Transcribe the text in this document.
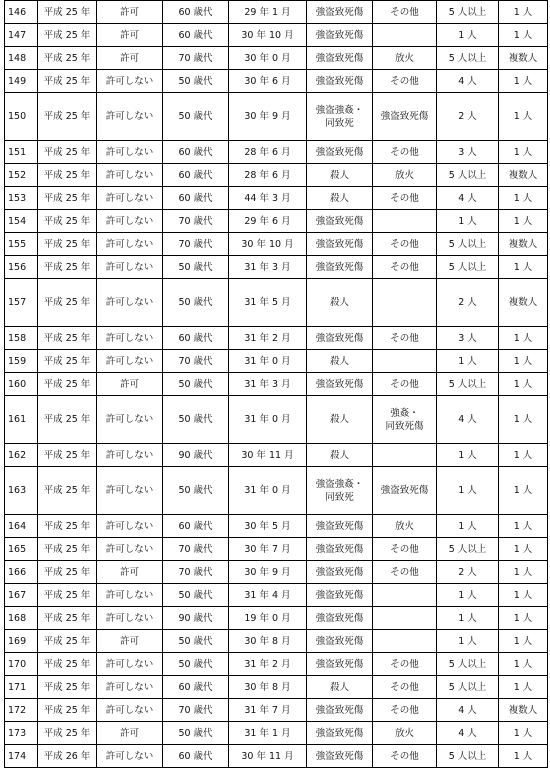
146	平成 25 年	許可	60 歳代	29 年 1 月	強盗致死傷	その他	5 人以上	1 人
147	平成 25 年	許可	60 歳代	30 年 10 月	強盗致死傷		1 人	1 人
148	平成 25 年	許可	70 歳代	30 年 0 月	強盗致死傷	放火	5 人以上	複数人
149	平成 25 年	許可しない	50 歳代	30 年 6 月	強盗致死傷	その他	4 人	1 人
150	平成 25 年	許可しない	50 歳代	30 年 9 月	強盗強姦・
同致死	強盗致死傷	2 人	1 人
151	平成 25 年	許可しない	60 歳代	28 年 6 月	強盗致死傷	その他	3 人	1 人
152	平成 25 年	許可しない	60 歳代	28 年 6 月	殺人	放火	5 人以上	複数人
153	平成 25 年	許可しない	60 歳代	44 年 3 月	殺人	その他	4 人	1 人
154	平成 25 年	許可しない	70 歳代	29 年 6 月	強盗致死傷		1 人	1 人
155	平成 25 年	許可しない	70 歳代	30 年 10 月	強盗致死傷	その他	5 人以上	複数人
156	平成 25 年	許可しない	50 歳代	31 年 3 月	強盗致死傷	その他	5 人以上	1 人
157	平成 25 年	許可しない	50 歳代	31 年 5 月	殺人		2 人	複数人
158	平成 25 年	許可しない	60 歳代	31 年 2 月	強盗致死傷	その他	3 人	1 人
159	平成 25 年	許可しない	70 歳代	31 年 0 月	殺人		1 人	1 人
160	平成 25 年	許可	50 歳代	31 年 3 月	強盗致死傷	その他	5 人以上	1 人
161	平成 25 年	許可しない	50 歳代	31 年 0 月	殺人	強姦・
同致死傷	4 人	1 人
162	平成 25 年	許可しない	90 歳代	30 年 11 月	殺人		1 人	1 人
163	平成 25 年	許可しない	50 歳代	31 年 0 月	強盗強姦・
同致死	強盗致死傷	1 人	1 人
164	平成 25 年	許可しない	60 歳代	30 年 5 月	強盗致死傷	放火	1 人	1 人
165	平成 25 年	許可しない	70 歳代	30 年 7 月	強盗致死傷	その他	5 人以上	1 人
166	平成 25 年	許可	70 歳代	30 年 9 月	強盗致死傷	その他	2 人	1 人
167	平成 25 年	許可しない	50 歳代	31 年 4 月	強盗致死傷		1 人	1 人
168	平成 25 年	許可しない	90 歳代	19 年 0 月	強盗致死傷		1 人	1 人
169	平成 25 年	許可	50 歳代	30 年 8 月	強盗致死傷		1 人	1 人
170	平成 25 年	許可しない	50 歳代	31 年 2 月	強盗致死傷	その他	5 人以上	1 人
171	平成 25 年	許可しない	60 歳代	30 年 8 月	殺人	その他	5 人以上	1 人
172	平成 25 年	許可しない	70 歳代	31 年 7 月	強盗致死傷	その他	4 人	複数人
173	平成 25 年	許可	50 歳代	31 年 1 月	強盗致死傷	放火	4 人	1 人
174	平成 26 年	許可しない	60 歳代	30 年 11 月	強盗致死傷	その他	5 人以上	1 人
